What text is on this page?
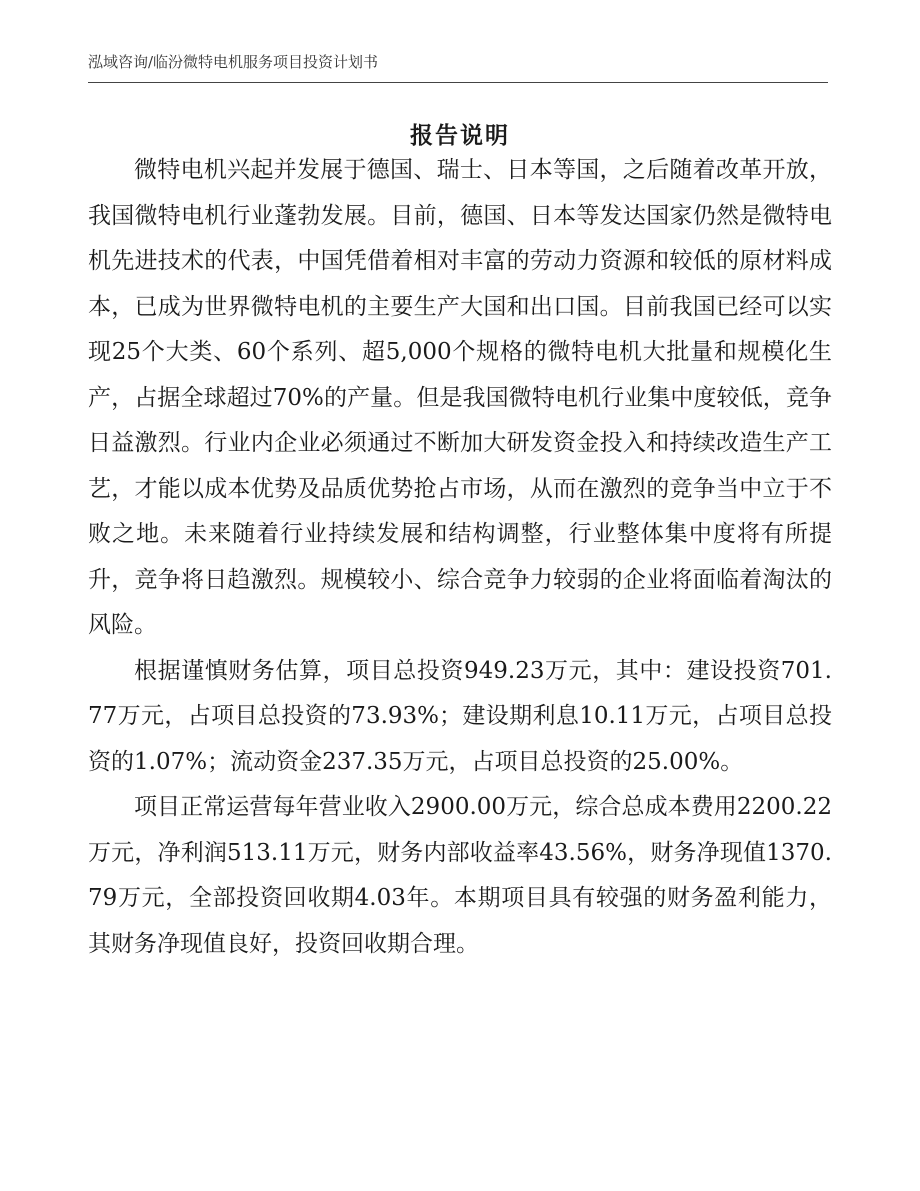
泓域咨询/临汾微特电机服务项目投资计划书
报告说明

微特电机兴起并发展于德国、瑞士、日本等国，之后随着改革开放，我国微特电机行业蓬勃发展。目前，德国、日本等发达国家仍然是微特电机先进技术的代表，中国凭借着相对丰富的劳动力资源和较低的原材料成本，已成为世界微特电机的主要生产大国和出口国。目前我国已经可以实现25个大类、60个系列、超5,000个规格的微特电机大批量和规模化生产，占据全球超过70%的产量。但是我国微特电机行业集中度较低，竞争日益激烈。行业内企业必须通过不断加大研发资金投入和持续改造生产工艺，才能以成本优势及品质优势抢占市场，从而在激烈的竞争当中立于不败之地。未来随着行业持续发展和结构调整，行业整体集中度将有所提升，竞争将日趋激烈。规模较小、综合竞争力较弱的企业将面临着淘汰的风险。

根据谨慎财务估算，项目总投资949.23万元，其中：建设投资701.77万元，占项目总投资的73.93%；建设期利息10.11万元，占项目总投资的1.07%；流动资金237.35万元，占项目总投资的25.00%。

项目正常运营每年营业收入2900.00万元，综合总成本费用2200.22万元，净利润513.11万元，财务内部收益率43.56%，财务净现值1370.79万元，全部投资回收期4.03年。本期项目具有较强的财务盈利能力，其财务净现值良好，投资回收期合理。
